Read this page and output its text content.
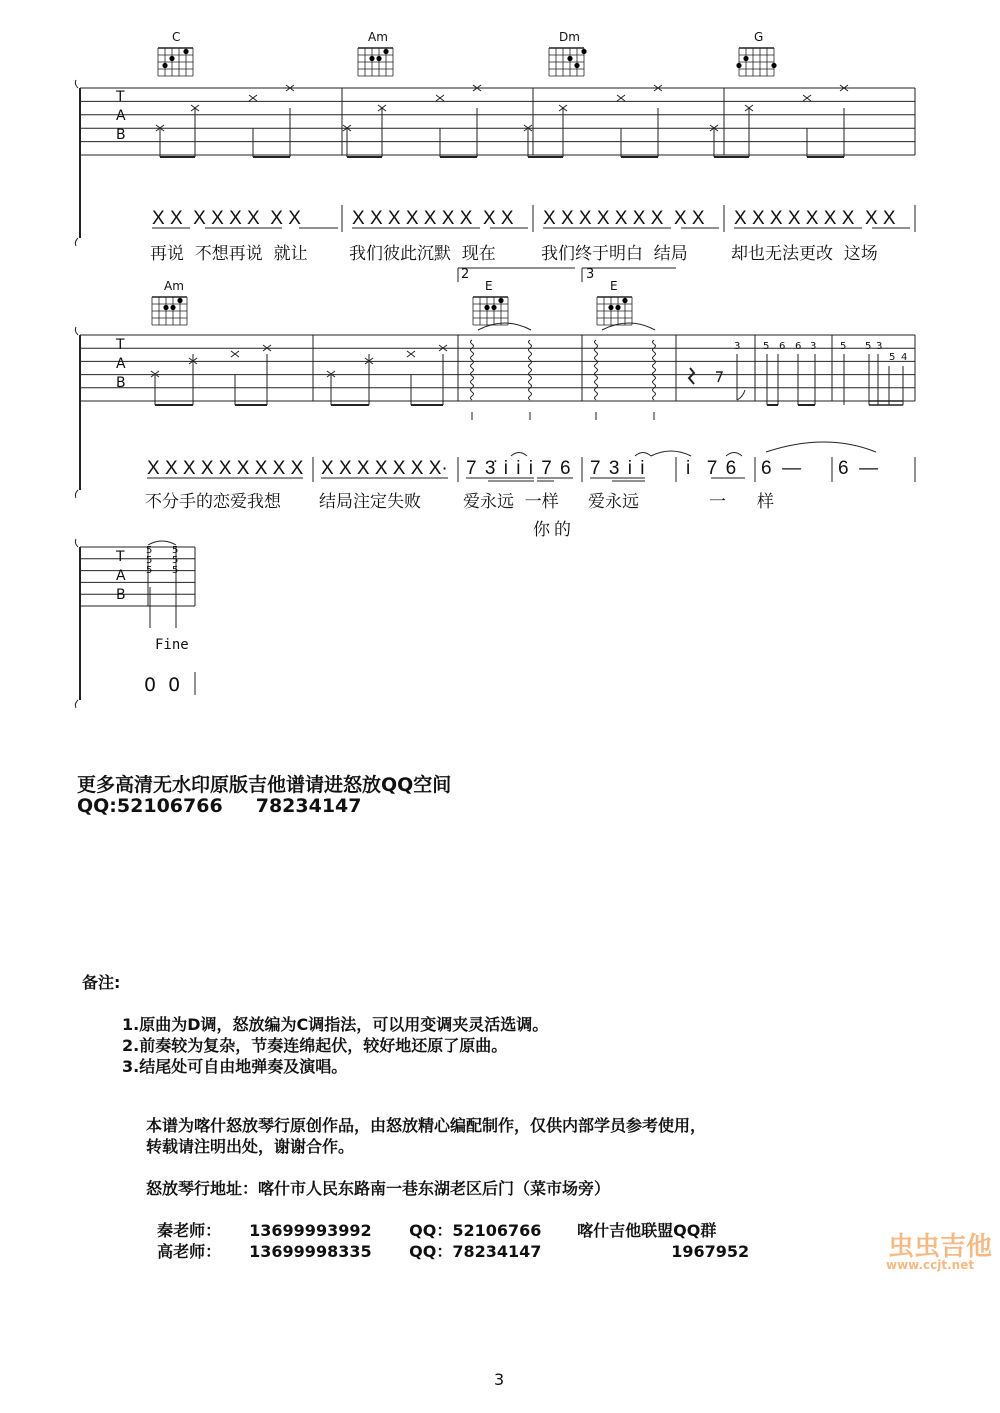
C	Am	Dm	G
T
A
B
X X  X X X X  X X	X X X X X X X  X X X X X X X X X  X X X X X X X X X  X X
再说  不想再说  就让 我们彼此沉默  现在	我们终于明白  结局	却也无法更改  这场
Am	E	E
2	3
T
A
B
3 5 6 6 3 5 5 3
5 4
X X X X X X X X X X X X X X X X· 7 3̇ i i i 7 6 7 3 i i i  7 6 6  — 6  —
不分手的恋爱我想 结局注定失败 爱永远  一样 爱永远	一 样
你的
T
A
B
5
5
5
5
5
5
Fine
0 0
更多高清无水印原版吉他谱请进怒放QQ空间
QQ:52106766     78234147
备注:
1.原曲为D调，怒放编为C调指法，可以用变调夹灵活选调。
2.前奏较为复杂，节奏连绵起伏，较好地还原了原曲。
3.结尾处可自由地弹奏及演唱。
本谱为喀什怒放琴行原创作品，由怒放精心编配制作，仅供内部学员参考使用，
转载请注明出处，谢谢合作。
怒放琴行地址：喀什市人民东路南一巷东湖老区后门（菜市场旁）

秦老师： 13699993992 QQ：52106766 喀什吉他联盟QQ群

高老师： 13699998335 QQ：78234147	1967952	虫虫吉他
www.ccjt.net
3
